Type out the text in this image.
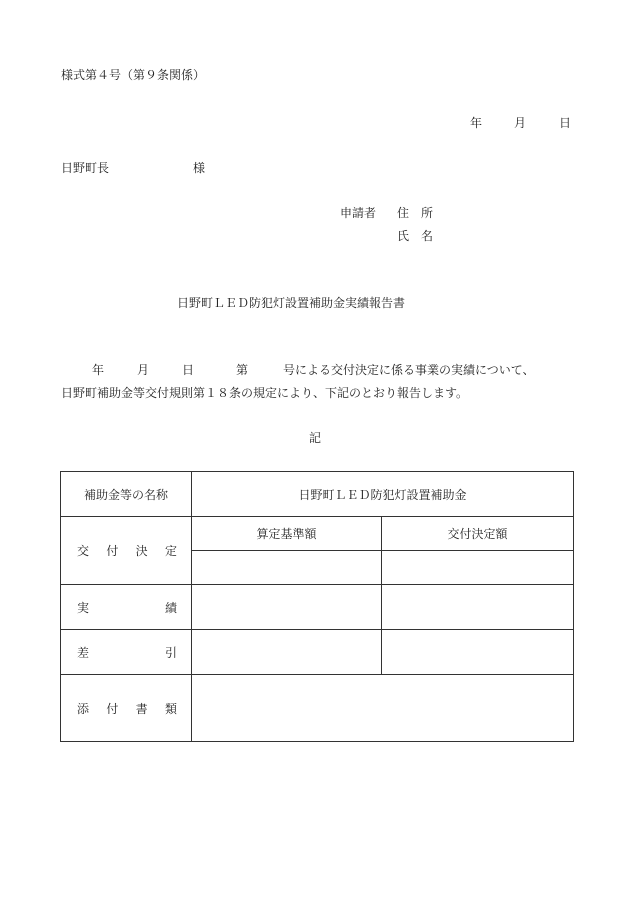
様式第４号（第９条関係）
年	月	日
日野町長	様
申請者 住　所
氏　名
日野町ＬＥＤ防犯灯設置補助金実績報告書
年	月	日	第	号による交付決定に係る事業の実績について、
日野町補助金等交付規則第１８条の規定により、下記のとおり報告します。
記
補助金等の名称	日野町ＬＥＤ防犯灯設置補助金	

交 付 決 定	算定基準額	交付決定額

実 績		

差 引		

添 付 書 類		
